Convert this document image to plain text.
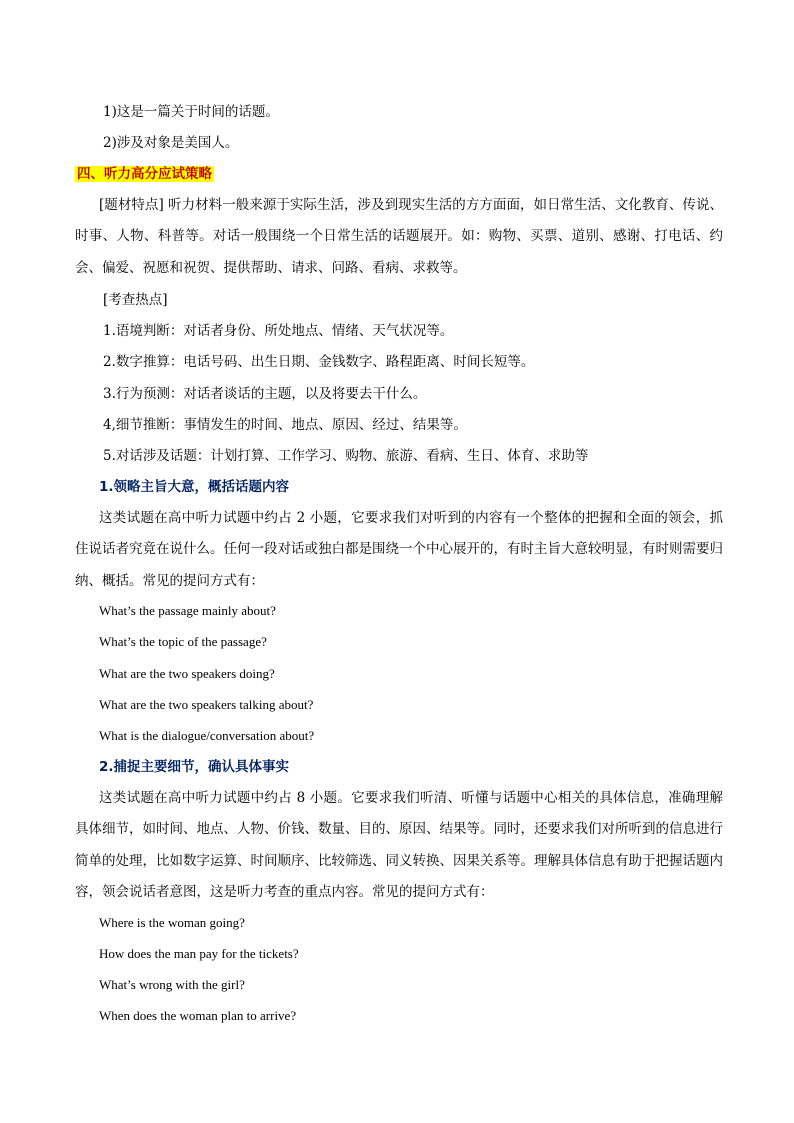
1)这是一篇关于时间的话题。
2)涉及对象是美国人。
四、听力高分应试策略
[题材特点] 听力材料一般来源于实际生活，涉及到现实生活的方方面面，如日常生活、文化教育、传说、时事、人物、科普等。对话一般围绕一个日常生活的话题展开。如：购物、买票、道别、感谢、打电话、约会、偏爱、祝愿和祝贺、提供帮助、请求、问路、看病、求救等。
[考查热点]
1.语境判断：对话者身份、所处地点、情绪、天气状况等。
2.数字推算：电话号码、出生日期、金钱数字、路程距离、时间长短等。
3.行为预测：对话者谈话的主题，以及将要去干什么。
4,细节推断：事情发生的时间、地点、原因、经过、结果等。
5.对话涉及话题：计划打算、工作学习、购物、旅游、看病、生日、体育、求助等
1.领略主旨大意，概括话题内容
这类试题在高中听力试题中约占 2 小题，它要求我们对听到的内容有一个整体的把握和全面的领会，抓住说话者究竟在说什么。任何一段对话或独白都是围绕一个中心展开的，有时主旨大意较明显，有时则需要归纳、概括。常见的提问方式有：
What’s the passage mainly about?
What’s the topic of the passage?
What are the two speakers doing?
What are the two speakers talking about?
What is the dialogue/conversation about?
2.捕捉主要细节，确认具体事实
这类试题在高中听力试题中约占 8 小题。它要求我们听清、听懂与话题中心相关的具体信息，准确理解具体细节，如时间、地点、人物、价钱、数量、目的、原因、结果等。同时，还要求我们对所听到的信息进行简单的处理，比如数字运算、时间顺序、比较筛选、同义转换、因果关系等。理解具体信息有助于把握话题内容，领会说话者意图，这是听力考查的重点内容。常见的提问方式有：
Where is the woman going?
How does the man pay for the tickets?
What’s wrong with the girl?
When does the woman plan to arrive?
